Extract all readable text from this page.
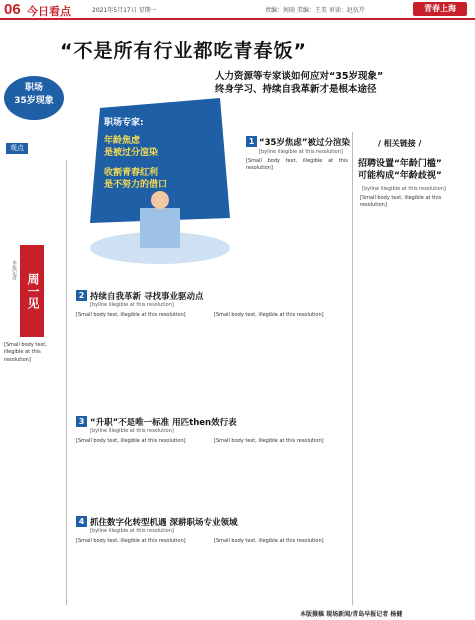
06 今日看点	2021年5月17日 星期一	责编：何雨 美编：王美 审读：赵伍芹	青春上海
“不是所有行业都吃青春饭”
人力资源等专家谈如何应对“35岁现象”
终身学习、持续自我革新才是根本途径
职场
35岁现象
观点
周一见
本报记者
[Small body text, illegible at this resolution]
职场专家:
年龄焦虑
是被过分渲染
收割青春红利
是不努力的借口
1 “35岁焦虑”被过分渲染
[byline illegible at this resolution]
[Small body text, illegible at this resolution]
2 持续自我革新 寻找事业驱动点
[byline illegible at this resolution]
[Small body text, illegible at this resolution]	[Small body text, illegible at this resolution]
3 “升职”不是唯一标准 用匹then效行表
[byline illegible at this resolution]
[Small body text, illegible at this resolution]	[Small body text, illegible at this resolution]
4 抓住数字化转型机遇 深耕职场专业领域
[byline illegible at this resolution]
[Small body text, illegible at this resolution]	[Small body text, illegible at this resolution]
/ 相关链接 /
招聘设置“年龄门槛”
可能构成“年龄歧视”
[byline illegible at this resolution]
[Small body text, illegible at this resolution]
本版摄稿 现场新闻/青岛早报记者 杨健
